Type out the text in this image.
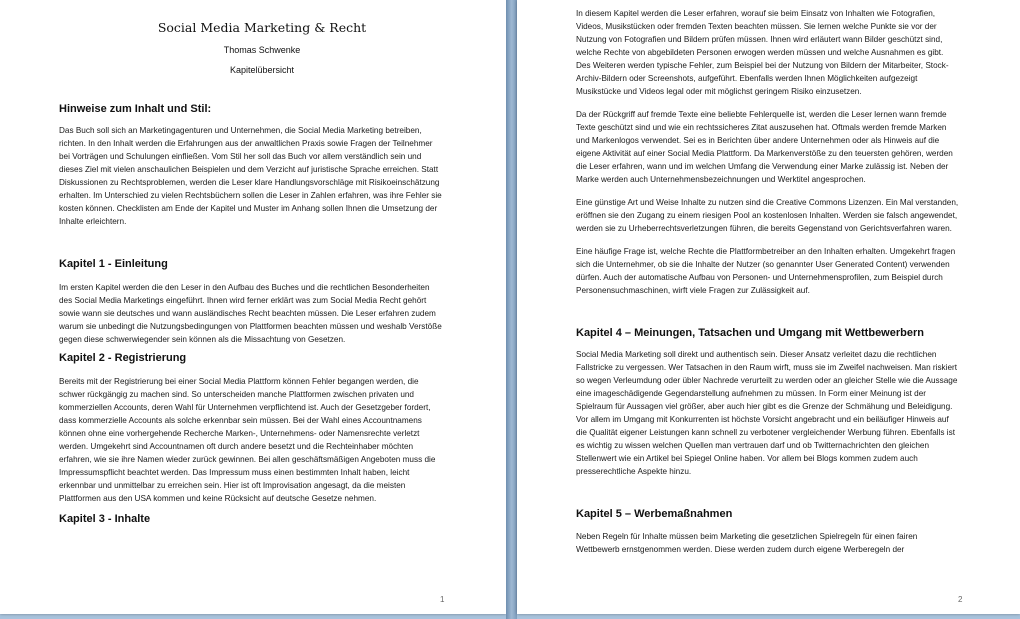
Social Media Marketing & Recht
Thomas Schwenke
Kapitelübersicht
Hinweise zum Inhalt und Stil:

Das Buch soll sich an Marketingagenturen und Unternehmen, die Social Media Marketing betreiben, richten. In den Inhalt werden die Erfahrungen aus der anwaltlichen Praxis sowie Fragen der Teilnehmer bei Vorträgen und Schulungen einfließen. Vom Stil her soll das Buch vor allem verständlich sein und dieses Ziel mit vielen anschaulichen Beispielen und dem Verzicht auf juristische Sprache erreichen. Statt Diskussionen zu Rechtsproblemen, werden die Leser klare Handlungsvorschläge mit Risikoeinschätzung erhalten. Im Unterschied zu vielen Rechtsbüchern sollen die Leser in Zahlen erfahren, was ihre Fehler sie kosten können. Checklisten am Ende der Kapitel und Muster im Anhang sollen Ihnen die Umsetzung der Inhalte erleichtern.

Kapitel 1 - Einleitung

Im ersten Kapitel werden die den Leser in den Aufbau des Buches und die rechtlichen Besonderheiten des Social Media Marketings eingeführt. Ihnen wird ferner erklärt was zum Social Media Recht gehört sowie wann sie deutsches und wann ausländisches Recht beachten müssen. Die Leser erfahren zudem warum sie unbedingt die Nutzungsbedingungen von Plattformen beachten müssen und weshalb Verstöße gegen diese schwerwiegender sein können als die Missachtung von Gesetzen.

Kapitel 2 - Registrierung

Bereits mit der Registrierung bei einer Social Media Plattform können Fehler begangen werden, die schwer rückgängig zu machen sind. So unterscheiden manche Plattformen zwischen privaten und kommerziellen Accounts, deren Wahl für Unternehmen verpflichtend ist. Auch der Gesetzgeber fordert, dass kommerzielle Accounts als solche erkennbar sein müssen. Bei der Wahl eines Accountnamens können ohne eine vorhergehende Recherche Marken-, Unternehmens- oder Namensrechte verletzt werden. Umgekehrt sind Accountnamen oft durch andere besetzt und die Rechteinhaber möchten erfahren, wie sie ihre Namen wieder zurück gewinnen. Bei allen geschäftsmäßigen Angeboten muss die Impressumspflicht beachtet werden. Das Impressum muss einen bestimmten Inhalt haben, leicht erkennbar und unmittelbar zu erreichen sein. Hier ist oft Improvisation angesagt, da die meisten Plattformen aus den USA kommen und keine Rücksicht auf deutsche Gesetze nehmen.

Kapitel 3 - Inhalte
1

In diesem Kapitel werden die Leser erfahren, worauf sie beim Einsatz von Inhalten wie Fotografien, Videos, Musikstücken oder fremden Texten beachten müssen. Sie lernen welche Punkte sie vor der Nutzung von Fotografien und Bildern prüfen müssen. Ihnen wird erläutert wann Bilder geschützt sind, welche Rechte von abgebildeten Personen erwogen werden müssen und welche Ausnahmen es gibt. Des Weiteren werden typische Fehler, zum Beispiel bei der Nutzung von Bildern der Mitarbeiter, Stock-Archiv-Bildern oder Screenshots, aufgeführt. Ebenfalls werden Ihnen Möglichkeiten aufgezeigt Musikstücke und Videos legal oder mit möglichst geringem Risiko einzusetzen.

Da der Rückgriff auf fremde Texte eine beliebte Fehlerquelle ist, werden die Leser lernen wann fremde Texte geschützt sind und wie ein rechtssicheres Zitat auszusehen hat. Oftmals werden fremde Marken und Markenlogos verwendet. Sei es in Berichten über andere Unternehmen oder als Hinweis auf die eigene Aktivität auf einer Social Media Plattform. Da Markenverstöße zu den teuersten gehören, werden die Leser erfahren, wann und im welchen Umfang die Verwendung einer Marke zulässig ist. Neben der Marke werden auch Unternehmensbezeichnungen und Werktitel angesprochen.

Eine günstige Art und Weise Inhalte zu nutzen sind die Creative Commons Lizenzen. Ein Mal verstanden, eröffnen sie den Zugang zu einem riesigen Pool an kostenlosen Inhalten. Werden sie falsch angewendet, werden sie zu Urheberrechtsverletzungen führen, die bereits Gegenstand von Gerichtsverfahren waren.

Eine häufige Frage ist, welche Rechte die Plattformbetreiber an den Inhalten erhalten. Umgekehrt fragen sich die Unternehmer, ob sie die Inhalte der Nutzer (so genannter User Generated Content) verwenden dürfen. Auch der automatische Aufbau von Personen- und Unternehmensprofilen, zum Beispiel durch Personensuchmaschinen, wirft viele Fragen zur Zulässigkeit auf.

Kapitel 4 – Meinungen, Tatsachen und Umgang mit Wettbewerbern

Social Media Marketing soll direkt und authentisch sein. Dieser Ansatz verleitet dazu die rechtlichen Fallstricke zu vergessen. Wer Tatsachen in den Raum wirft, muss sie im Zweifel nachweisen. Man riskiert so wegen Verleumdung oder übler Nachrede verurteilt zu werden oder an gleicher Stelle wie die Aussage eine imageschädigende Gegendarstellung aufnehmen zu müssen. In Form einer Meinung ist der Spielraum für Aussagen viel größer, aber auch hier gibt es die Grenze der Schmähung und Beleidigung. Vor allem im Umgang mit Konkurrenten ist höchste Vorsicht angebracht und ein beiläufiger Hinweis auf die Qualität eigener Leistungen kann schnell zu verbotener vergleichender Werbung führen. Ebenfalls ist es wichtig zu wissen welchen Quellen man vertrauen darf und ob Twitternachrichten den gleichen Stellenwert wie ein Artikel bei Spiegel Online haben. Vor allem bei Blogs kommen zudem auch presserechtliche Aspekte hinzu.

Kapitel 5 – Werbemaßnahmen

Neben Regeln für Inhalte müssen beim Marketing die gesetzlichen Spielregeln für einen fairen Wettbewerb ernstgenommen werden. Diese werden zudem durch eigene Werberegeln der

2
